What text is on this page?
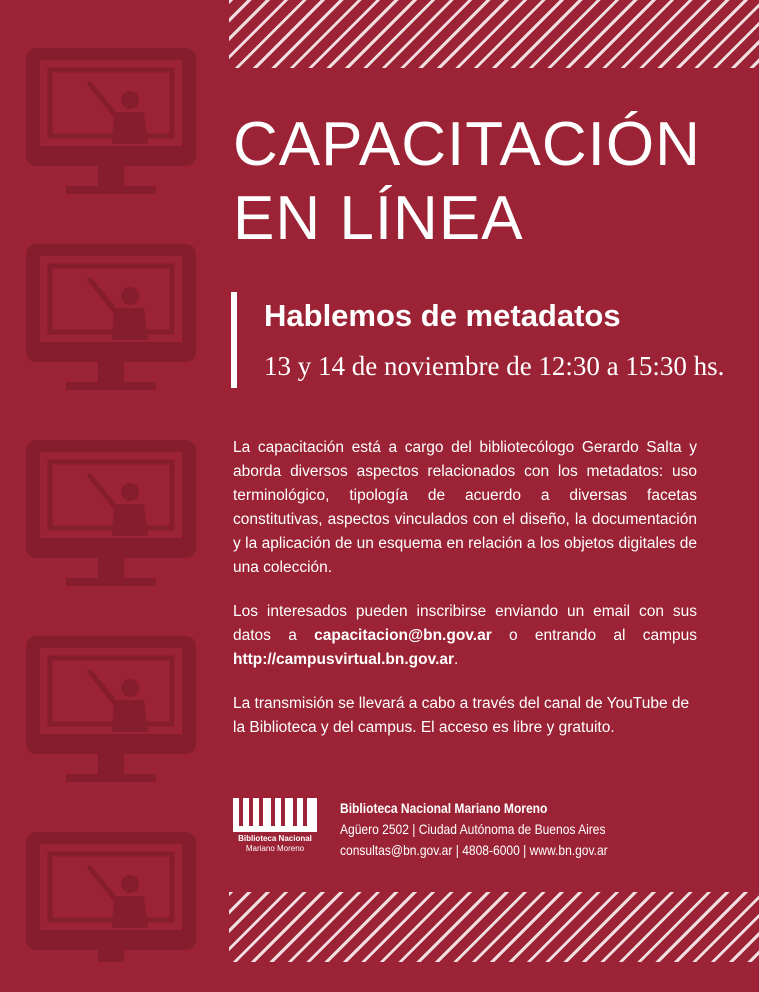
CAPACITACIÓN
EN LÍNEA
Hablemos de metadatos
13 y 14 de noviembre de 12:30 a 15:30 hs.

La capacitación está a cargo del bibliotecólogo Gerardo Salta y aborda diversos aspectos relacionados con los metadatos: uso terminológico, tipología de acuerdo a diversas facetas constitutivas, aspectos vinculados con el diseño, la documentación y la aplicación de un esquema en relación a los objetos digitales de una colección.

Los interesados pueden inscribirse enviando un email con sus datos a capacitacion@bn.gov.ar o entrando al campus http://campusvirtual.bn.gov.ar.

La transmisión se llevará a cabo a través del canal de YouTube de la Biblioteca y del campus. El acceso es libre y gratuito.

Biblioteca Nacional
Mariano Moreno
Biblioteca Nacional Mariano Moreno
Agüero 2502 | Ciudad Autónoma de Buenos Aires
consultas@bn.gov.ar | 4808-6000 | www.bn.gov.ar
